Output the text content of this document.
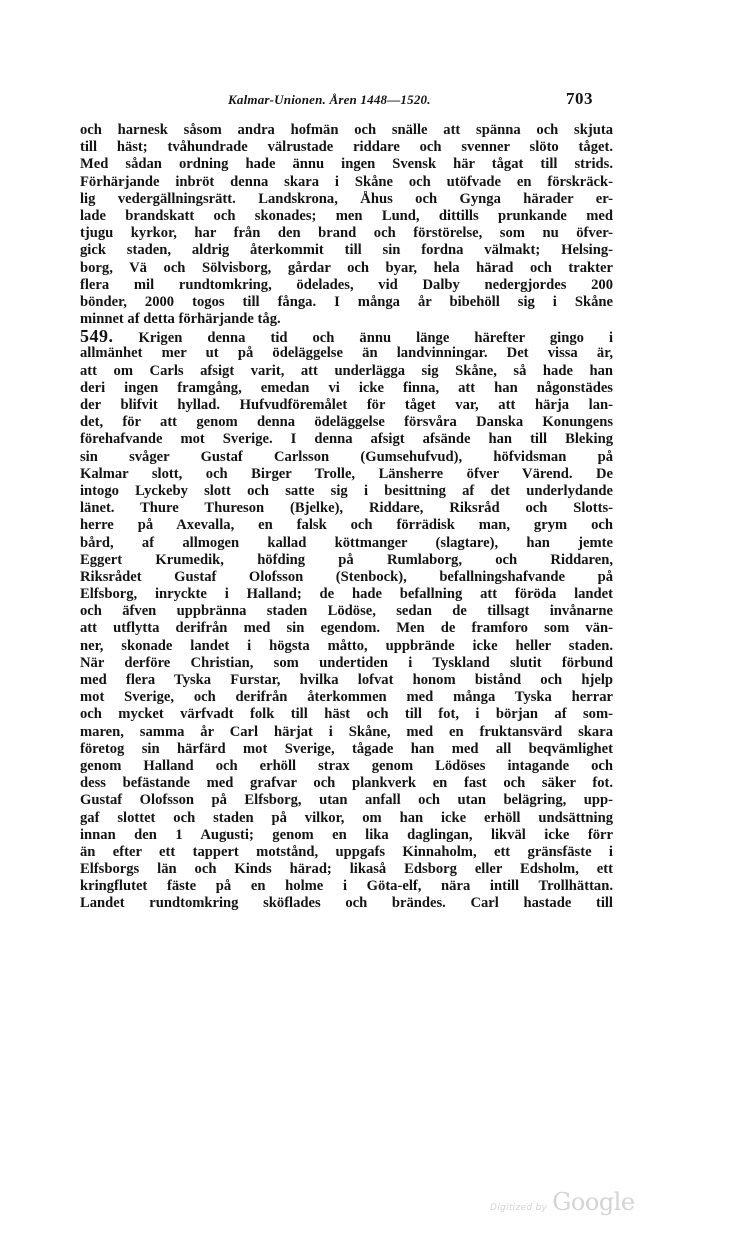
Kalmar-Unionen. Åren 1448—1520.	703
och harnesk såsom andra hofmän och snälle att spänna och skjuta
till häst; tvåhundrade välrustade riddare och svenner slöto tåget.
Med sådan ordning hade ännu ingen Svensk här tågat till strids.
Förhärjande inbröt denna skara i Skåne och utöfvade en förskräck-
lig vedergällningsrätt. Landskrona, Åhus och Gynga härader er-
lade brandskatt och skonades; men Lund, dittills prunkande med
tjugu kyrkor, har från den brand och förstörelse, som nu öfver-
gick staden, aldrig återkommit till sin fordna välmakt; Helsing-
borg, Vä och Sölvisborg, gårdar och byar, hela härad och trakter
flera mil rundtomkring, ödelades, vid Dalby nedergjordes 200
bönder, 2000 togos till fånga. I många år bibehöll sig i Skåne
minnet af detta förhärjande tåg.
549. Krigen denna tid och ännu länge härefter gingo i
allmänhet mer ut på ödeläggelse än landvinningar. Det vissa är,
att om Carls afsigt varit, att underlägga sig Skåne, så hade han
deri ingen framgång, emedan vi icke finna, att han någonstädes
der blifvit hyllad. Hufvudföremålet för tåget var, att härja lan-
det, för att genom denna ödeläggelse försvåra Danska Konungens
förehafvande mot Sverige. I denna afsigt afsände han till Bleking
sin svåger Gustaf Carlsson (Gumsehufvud), höfvidsman på
Kalmar slott, och Birger Trolle, Länsherre öfver Värend. De
intogo Lyckeby slott och satte sig i besittning af det underlydande
länet. Thure Thureson (Bjelke), Riddare, Riksråd och Slotts-
herre på Axevalla, en falsk och förrädisk man, grym och
bård, af allmogen kallad köttmanger (slagtare), han jemte
Eggert Krumedik, höfding på Rumlaborg, och Riddaren,
Riksrådet Gustaf Olofsson (Stenbock), befallningshafvande på
Elfsborg, inryckte i Halland; de hade befallning att föröda landet
och äfven uppbränna staden Lödöse, sedan de tillsagt invånarne
att utflytta derifrån med sin egendom. Men de framforo som vän-
ner, skonade landet i högsta måtto, uppbrände icke heller staden.
När derföre Christian, som undertiden i Tyskland slutit förbund
med flera Tyska Furstar, hvilka lofvat honom bistånd och hjelp
mot Sverige, och derifrån återkommen med många Tyska herrar
och mycket värfvadt folk till häst och till fot, i början af som-
maren, samma år Carl härjat i Skåne, med en fruktansvärd skara
företog sin härfärd mot Sverige, tågade han med all beqvämlighet
genom Halland och erhöll strax genom Lödöses intagande och
dess befästande med grafvar och plankverk en fast och säker fot.
Gustaf Olofsson på Elfsborg, utan anfall och utan belägring, upp-
gaf slottet och staden på vilkor, om han icke erhöll undsättning
innan den 1 Augusti; genom en lika daglingan, likväl icke förr
än efter ett tappert motstånd, uppgafs Kinnaholm, ett gränsfäste i
Elfsborgs län och Kinds härad; likaså Edsborg eller Edsholm, ett
kringflutet fäste på en holme i Göta-elf, nära intill Trollhättan.
Landet rundtomkring sköflades och brändes. Carl hastade till
Digitized by Google
